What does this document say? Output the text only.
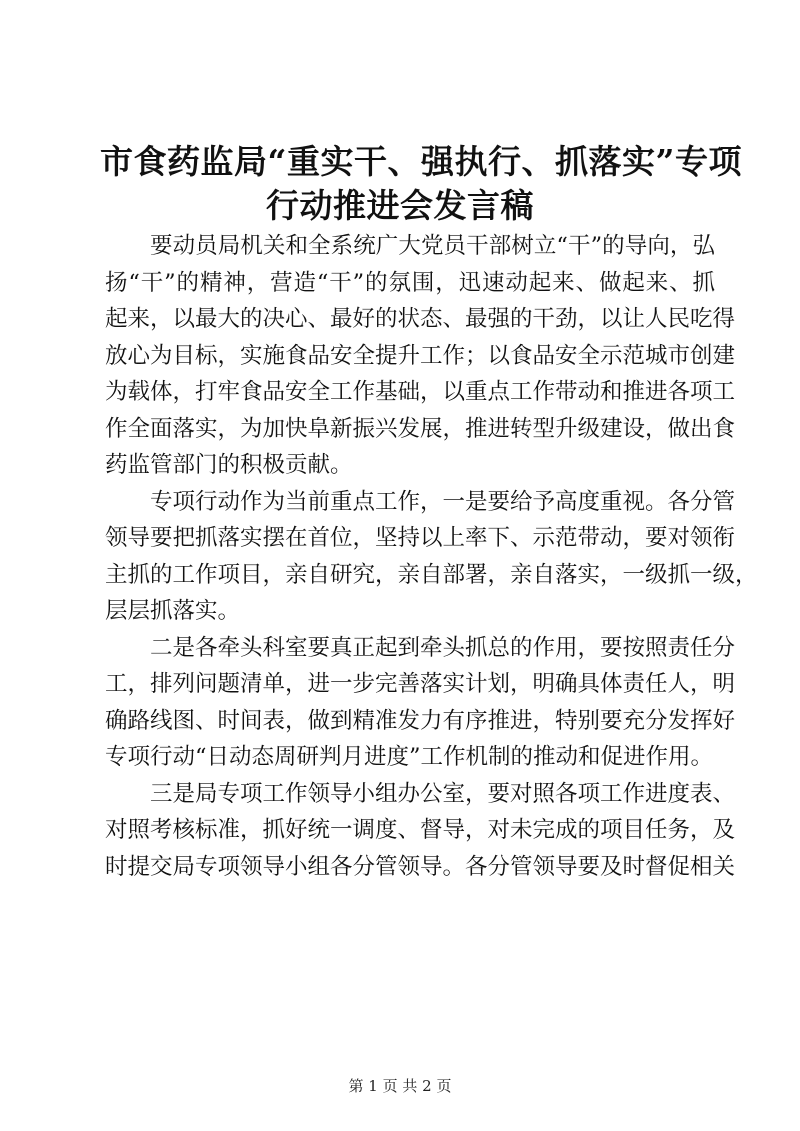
市食药监局“重实干、强执行、抓落实”专项
行动推进会发言稿

要动员局机关和全系统广大党员干部树立“干”的导向，弘
扬“干”的精神，营造“干”的氛围，迅速动起来、做起来、抓
起来，以最大的决心、最好的状态、最强的干劲，以让人民吃得
放心为目标，实施食品安全提升工作；以食品安全示范城市创建
为载体，打牢食品安全工作基础，以重点工作带动和推进各项工
作全面落实，为加快阜新振兴发展，推进转型升级建设，做出食
药监管部门的积极贡献。

专项行动作为当前重点工作，一是要给予高度重视。各分管
领导要把抓落实摆在首位，坚持以上率下、示范带动，要对领衔
主抓的工作项目，亲自研究，亲自部署，亲自落实，一级抓一级，
层层抓落实。

二是各牵头科室要真正起到牵头抓总的作用，要按照责任分
工，排列问题清单，进一步完善落实计划，明确具体责任人，明
确路线图、时间表，做到精准发力有序推进，特别要充分发挥好
专项行动“日动态周研判月进度”工作机制的推动和促进作用。

三是局专项工作领导小组办公室，要对照各项工作进度表、
对照考核标准，抓好统一调度、督导，对未完成的项目任务，及
时提交局专项领导小组各分管领导。各分管领导要及时督促相关

第 1 页 共 2 页
